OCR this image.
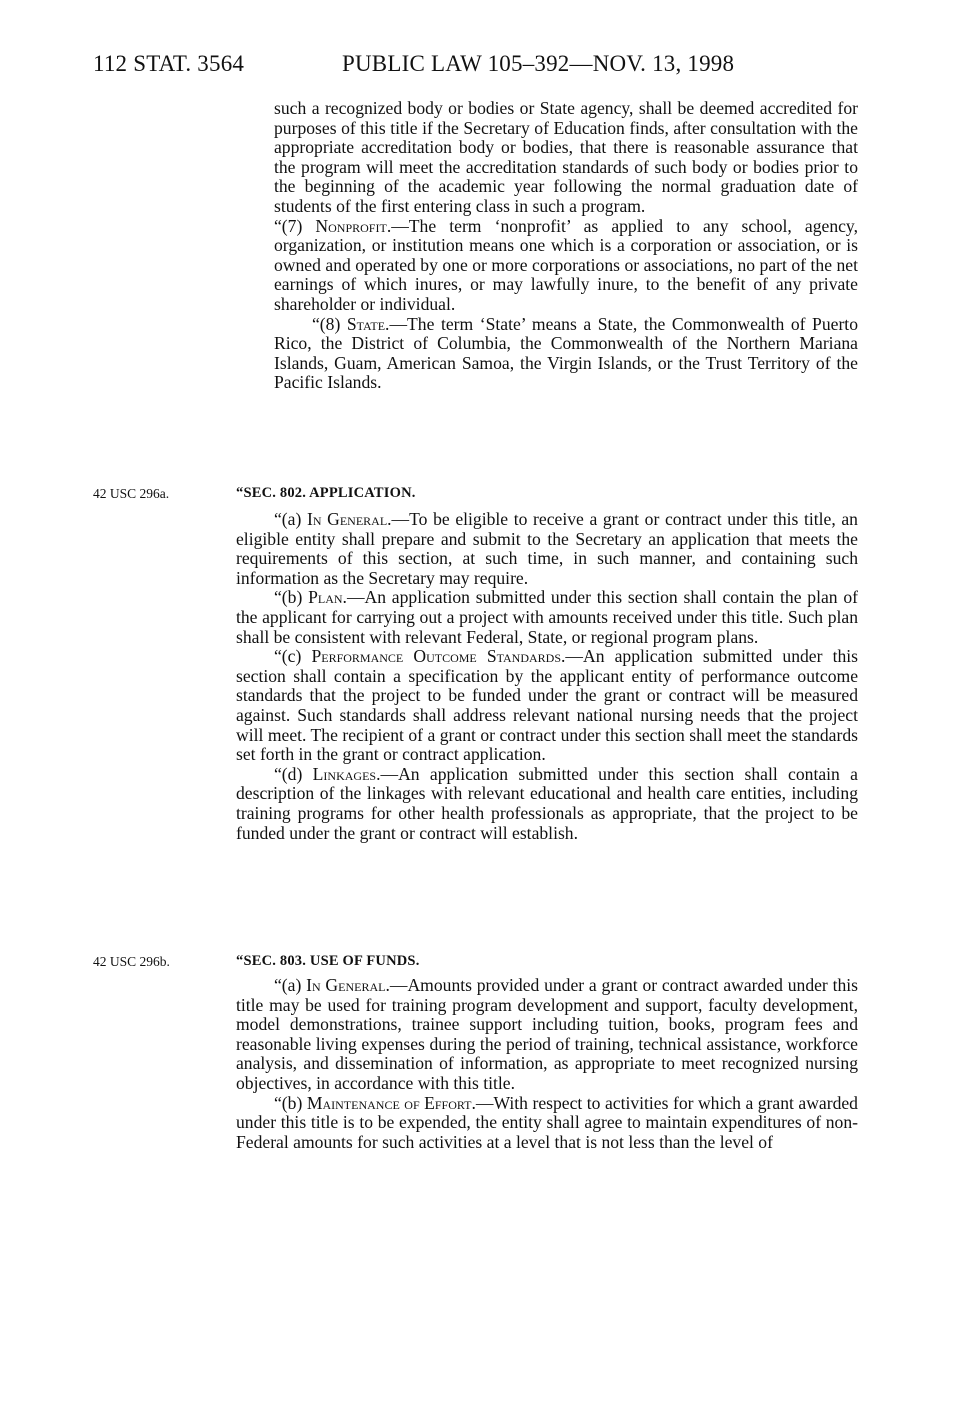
112 STAT. 3564	PUBLIC LAW 105–392—NOV. 13, 1998

such a recognized body or bodies or State agency, shall be deemed accredited for purposes of this title if the Secretary of Education finds, after consultation with the appropriate accreditation body or bodies, that there is reasonable assurance that the program will meet the accreditation standards of such body or bodies prior to the beginning of the academic year following the normal graduation date of students of the first entering class in such a program.

“(7) Nonprofit.—The term ‘nonprofit’ as applied to any school, agency, organization, or institution means one which is a corporation or association, or is owned and operated by one or more corporations or associations, no part of the net earnings of which inures, or may lawfully inure, to the benefit of any private shareholder or individual.

“(8) State.—The term ‘State’ means a State, the Commonwealth of Puerto Rico, the District of Columbia, the Commonwealth of the Northern Mariana Islands, Guam, American Samoa, the Virgin Islands, or the Trust Territory of the Pacific Islands.

42 USC 296a.	“SEC. 802. APPLICATION.

“(a) In General.—To be eligible to receive a grant or contract under this title, an eligible entity shall prepare and submit to the Secretary an application that meets the requirements of this section, at such time, in such manner, and containing such information as the Secretary may require.

“(b) Plan.—An application submitted under this section shall contain the plan of the applicant for carrying out a project with amounts received under this title. Such plan shall be consistent with relevant Federal, State, or regional program plans.

“(c) Performance Outcome Standards.—An application submitted under this section shall contain a specification by the applicant entity of performance outcome standards that the project to be funded under the grant or contract will be measured against. Such standards shall address relevant national nursing needs that the project will meet. The recipient of a grant or contract under this section shall meet the standards set forth in the grant or contract application.

“(d) Linkages.—An application submitted under this section shall contain a description of the linkages with relevant educational and health care entities, including training programs for other health professionals as appropriate, that the project to be funded under the grant or contract will establish.

42 USC 296b.	“SEC. 803. USE OF FUNDS.

“(a) In General.—Amounts provided under a grant or contract awarded under this title may be used for training program development and support, faculty development, model demonstrations, trainee support including tuition, books, program fees and reasonable living expenses during the period of training, technical assistance, workforce analysis, and dissemination of information, as appropriate to meet recognized nursing objectives, in accordance with this title.

“(b) Maintenance of Effort.—With respect to activities for which a grant awarded under this title is to be expended, the entity shall agree to maintain expenditures of non-Federal amounts for such activities at a level that is not less than the level of
